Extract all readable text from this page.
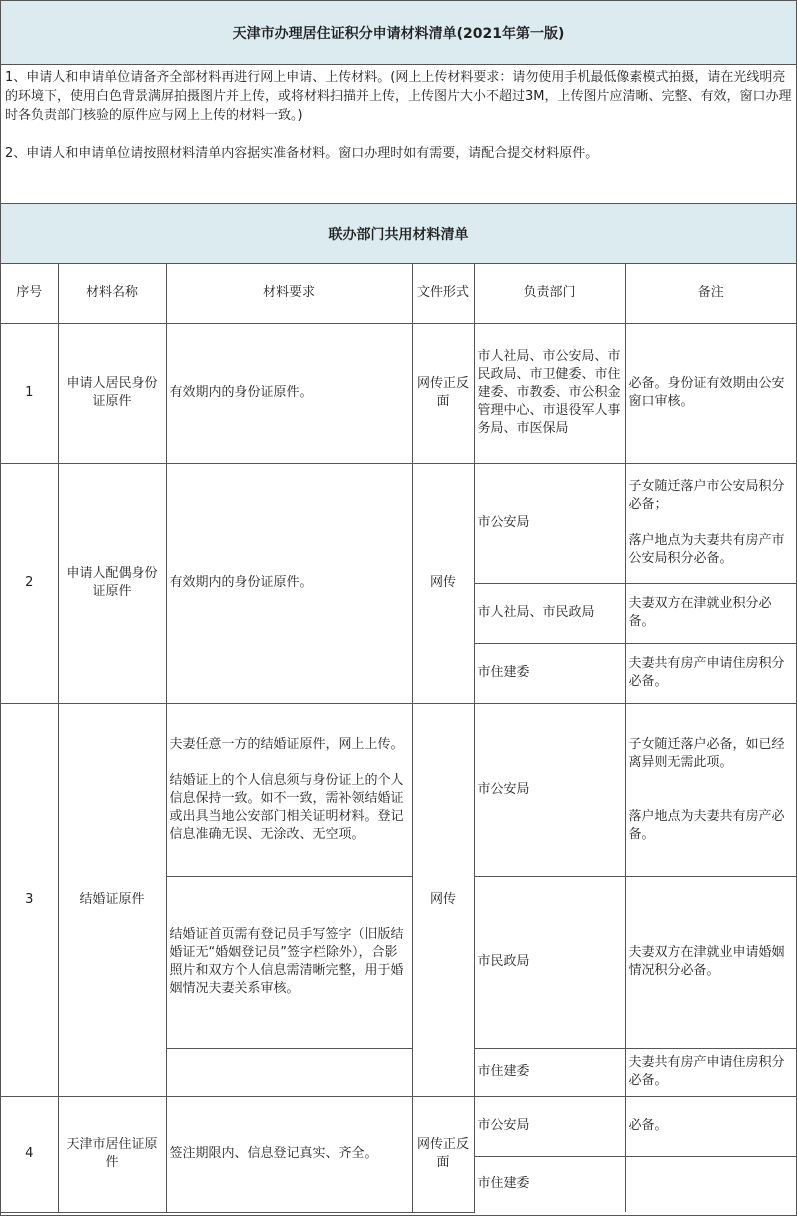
天津市办理居住证积分申请材料清单(2021年第一版)

1、申请人和申请单位请备齐全部材料再进行网上申请、上传材料。(网上上传材料要求：请勿使用手机最低像素模式拍摄，请在光线明亮的环境下，使用白色背景满屏拍摄图片并上传，或将材料扫描并上传，上传图片大小不超过3M，上传图片应清晰、完整、有效，窗口办理时各负责部门核验的原件应与网上上传的材料一致。)

2、申请人和申请单位请按照材料清单内容据实准备材料。窗口办理时如有需要，请配合提交材料原件。

联办部门共用材料清单
序号	材料名称	材料要求	文件形式	负责部门	备注
1	申请人居民身份证原件	有效期内的身份证原件。	网传正反面	市人社局、市公安局、市民政局、市卫健委、市住建委、市教委、市公积金管理中心、市退役军人事务局、市医保局	必备。身份证有效期由公安窗口审核。
2	申请人配偶身份证原件	有效期内的身份证原件。	网传	市公安局	子女随迁落户市公安局积分必备；
落户地点为夫妻共有房产市公安局积分必备。

				市人社局、市民政局	夫妻双方在津就业积分必备。
				市住建委	夫妻共有房产申请住房积分必备。
3	结婚证原件	夫妻任意一方的结婚证原件，网上上传。
结婚证上的个人信息须与身份证上的个人信息保持一致。如不一致，需补领结婚证或出具当地公安部门相关证明材料。登记信息准确无误、无涂改、无空项。	网传	市公安局	子女随迁落户必备，如已经离异则无需此项。
落户地点为夫妻共有房产必备。

		结婚证首页需有登记员手写签字（旧版结婚证无“婚姻登记员”签字栏除外），合影照片和双方个人信息需清晰完整，用于婚姻情况夫妻关系审核。		市民政局	夫妻双方在津就业申请婚姻情况积分必备。
				市住建委	夫妻共有房产申请住房积分必备。
4	天津市居住证原件	签注期限内、信息登记真实、齐全。	网传正反面	市公安局	必备。
				市住建委	
